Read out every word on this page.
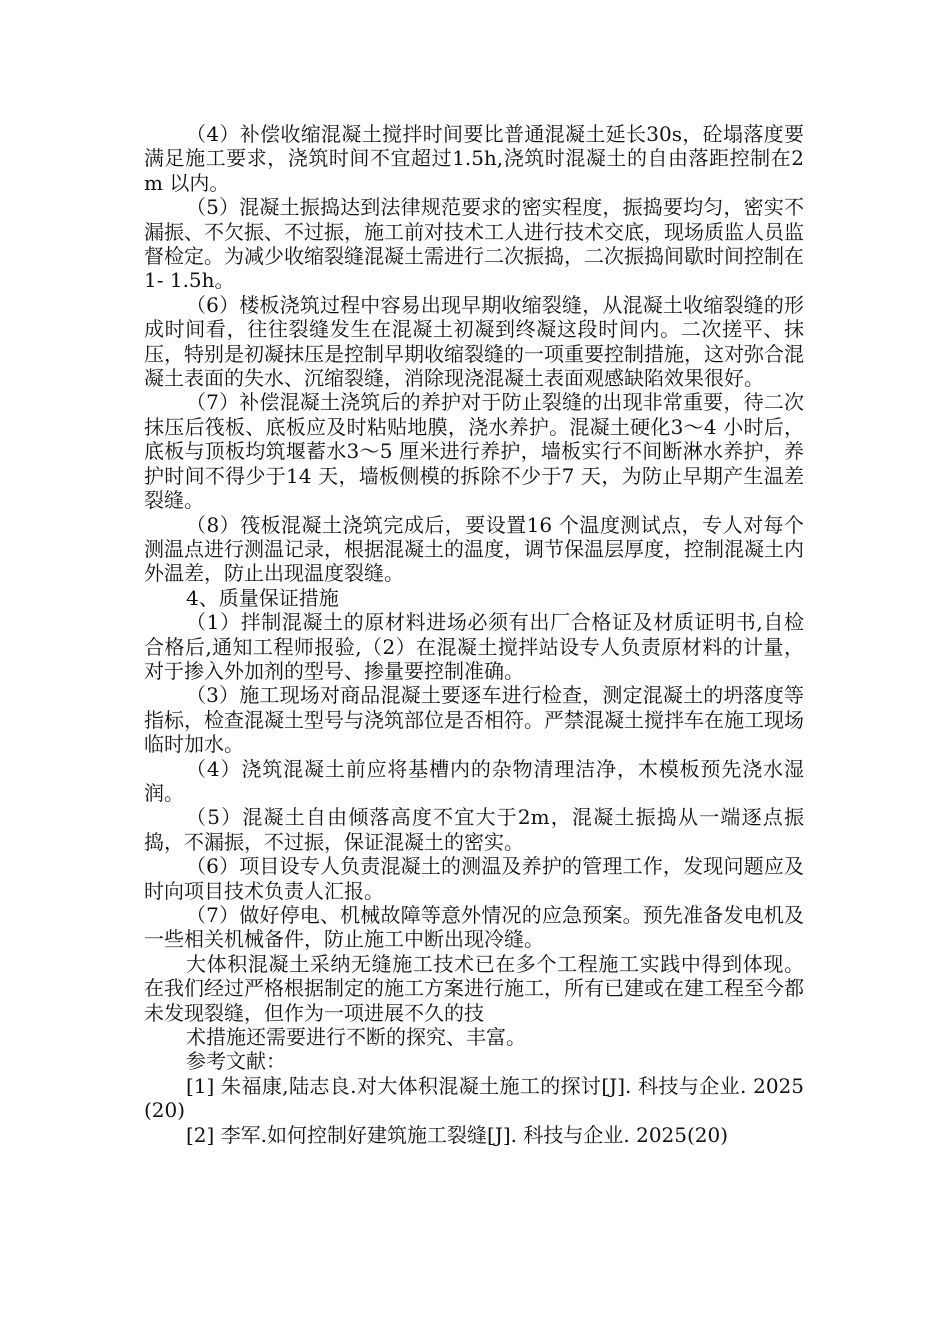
（4）补偿收缩混凝土搅拌时间要比普通混凝土延长30s，砼塌落度要满足施工要求，浇筑时间不宜超过1.5h,浇筑时混凝土的自由落距控制在2m 以内。

（5）混凝土振捣达到法律规范要求的密实程度，振捣要均匀，密实不漏振、不欠振、不过振，施工前对技术工人进行技术交底，现场质监人员监督检定。为减少收缩裂缝混凝土需进行二次振捣，二次振捣间歇时间控制在1- 1.5h。

（6）楼板浇筑过程中容易出现早期收缩裂缝，从混凝土收缩裂缝的形成时间看，往往裂缝发生在混凝土初凝到终凝这段时间内。二次搓平、抹压，特别是初凝抹压是控制早期收缩裂缝的一项重要控制措施，这对弥合混凝土表面的失水、沉缩裂缝，消除现浇混凝土表面观感缺陷效果很好。

（7）补偿混凝土浇筑后的养护对于防止裂缝的出现非常重要，待二次抹压后筏板、底板应及时粘贴地膜，浇水养护。混凝土硬化3～4 小时后，底板与顶板均筑堰蓄水3～5 厘米进行养护，墙板实行不间断淋水养护，养护时间不得少于14 天，墙板侧模的拆除不少于7 天，为防止早期产生温差裂缝。

（8）筏板混凝土浇筑完成后，要设置16 个温度测试点，专人对每个测温点进行测温记录，根据混凝土的温度，调节保温层厚度，控制混凝土内外温差，防止出现温度裂缝。

4、质量保证措施

（1）拌制混凝土的原材料进场必须有出厂合格证及材质证明书,自检合格后,通知工程师报验,（2）在混凝土搅拌站设专人负责原材料的计量，对于掺入外加剂的型号、掺量要控制准确。

（3）施工现场对商品混凝土要逐车进行检查，测定混凝土的坍落度等指标，检查混凝土型号与浇筑部位是否相符。严禁混凝土搅拌车在施工现场临时加水。

（4）浇筑混凝土前应将基槽内的杂物清理洁净，木模板预先浇水湿润。

（5）混凝土自由倾落高度不宜大于2m，混凝土振捣从一端逐点振捣，不漏振，不过振，保证混凝土的密实。

（6）项目设专人负责混凝土的测温及养护的管理工作，发现问题应及时向项目技术负责人汇报。

（7）做好停电、机械故障等意外情况的应急预案。预先准备发电机及一些相关机械备件，防止施工中断出现冷缝。

大体积混凝土采纳无缝施工技术已在多个工程施工实践中得到体现。在我们经过严格根据制定的施工方案进行施工，所有已建或在建工程至今都未发现裂缝，但作为一项进展不久的技

术措施还需要进行不断的探究、丰富。

参考文献：

[1] 朱福康,陆志良.对大体积混凝土施工的探讨[J]. 科技与企业. 2025(20)

[2] 李军.如何控制好建筑施工裂缝[J]. 科技与企业. 2025(20)
